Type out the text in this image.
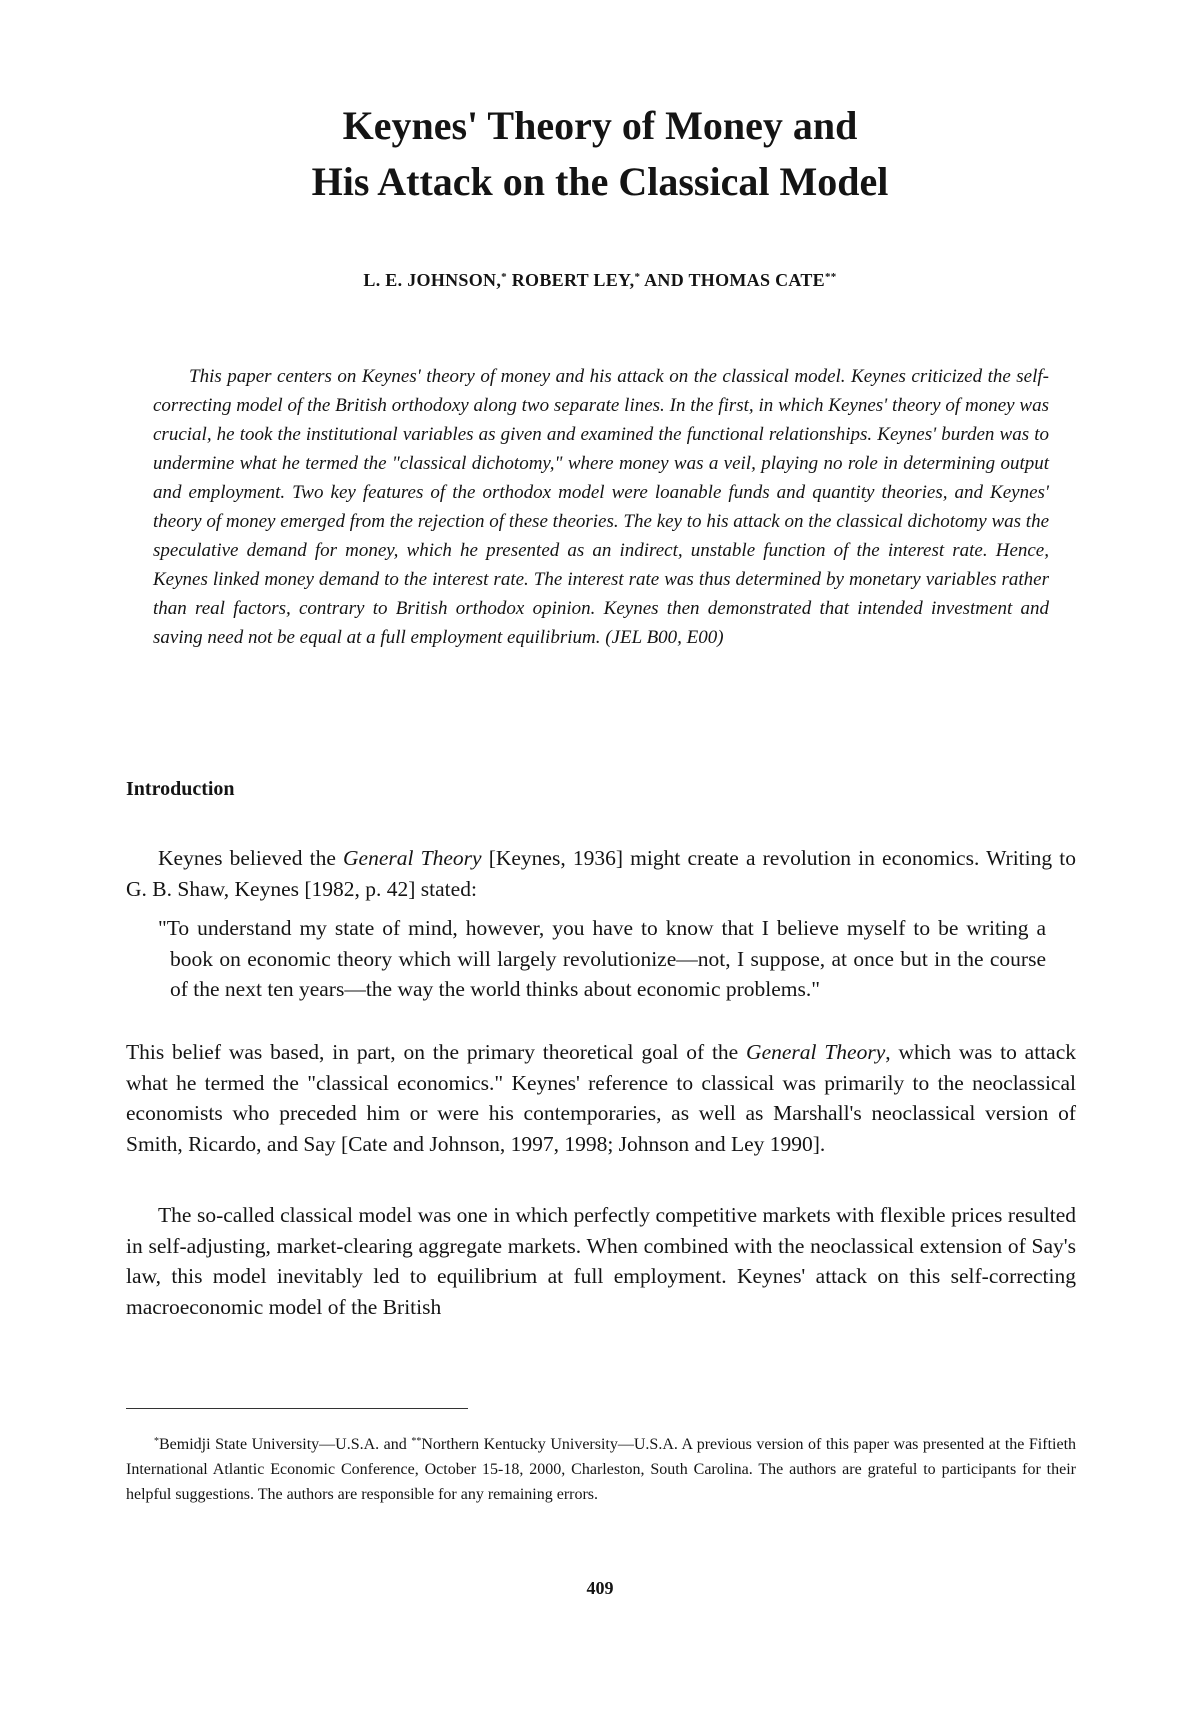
Keynes' Theory of Money and
His Attack on the Classical Model

L. E. JOHNSON,* ROBERT LEY,* AND THOMAS CATE**

This paper centers on Keynes' theory of money and his attack on the classical model. Keynes criticized the self-correcting model of the British orthodoxy along two separate lines. In the first, in which Keynes' theory of money was crucial, he took the institutional variables as given and examined the functional relationships. Keynes' burden was to undermine what he termed the "classical dichotomy," where money was a veil, playing no role in determining output and employment. Two key features of the orthodox model were loanable funds and quantity theories, and Keynes' theory of money emerged from the rejection of these theories. The key to his attack on the classical dichotomy was the speculative demand for money, which he presented as an indirect, unstable function of the interest rate. Hence, Keynes linked money demand to the interest rate. The interest rate was thus determined by monetary variables rather than real factors, contrary to British orthodox opinion. Keynes then demonstrated that intended investment and saving need not be equal at a full employment equilibrium. (JEL B00, E00)

Introduction

Keynes believed the General Theory [Keynes, 1936] might create a revolution in economics. Writing to G. B. Shaw, Keynes [1982, p. 42] stated:

"To understand my state of mind, however, you have to know that I believe myself to be writing a book on economic theory which will largely revolutionize—not, I suppose, at once but in the course of the next ten years—the way the world thinks about economic problems."

This belief was based, in part, on the primary theoretical goal of the General Theory, which was to attack what he termed the "classical economics." Keynes' reference to classical was primarily to the neoclassical economists who preceded him or were his contemporaries, as well as Marshall's neoclassical version of Smith, Ricardo, and Say [Cate and Johnson, 1997, 1998; Johnson and Ley 1990].

The so-called classical model was one in which perfectly competitive markets with flexible prices resulted in self-adjusting, market-clearing aggregate markets. When combined with the neoclassical extension of Say's law, this model inevitably led to equilibrium at full employment. Keynes' attack on this self-correcting macroeconomic model of the British

*Bemidji State University—U.S.A. and **Northern Kentucky University—U.S.A. A previous version of this paper was presented at the Fiftieth International Atlantic Economic Conference, October 15-18, 2000, Charleston, South Carolina. The authors are grateful to participants for their helpful suggestions. The authors are responsible for any remaining errors.

409
